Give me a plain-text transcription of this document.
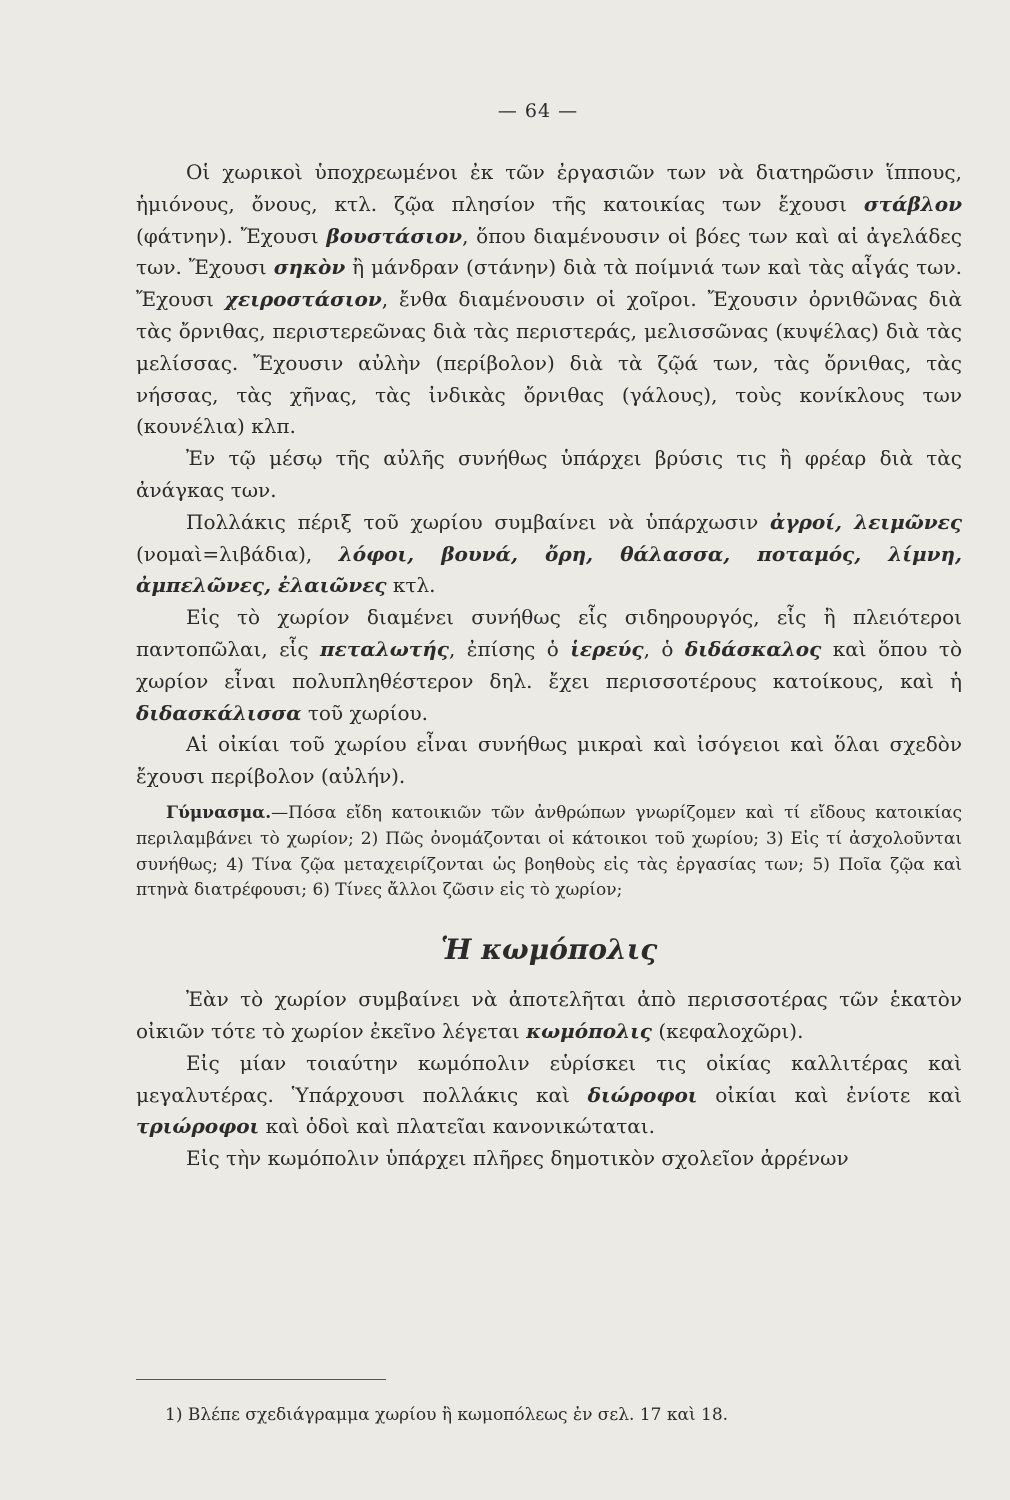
— 64 —

Οἱ χωρικοὶ ὑποχρεωμένοι ἐκ τῶν ἐργασιῶν των νὰ διατηρῶσιν ἵππους, ἡμιόνους, ὄνους, κτλ. ζῷα πλησίον τῆς κατοικίας των ἔχουσι στάβλον (φάτνην). Ἔχουσι βουστάσιον, ὅπου διαμένουσιν οἱ βόες των καὶ αἱ ἀγελάδες των. Ἔχουσι σηκὸν ἢ μάνδραν (στάνην) διὰ τὰ ποίμνιά των καὶ τὰς αἶγάς των. Ἔχουσι χειροστάσιον, ἔνθα διαμένουσιν οἱ χοῖροι. Ἔχουσιν ὀρνιθῶνας διὰ τὰς ὄρνιθας, περιστερεῶνας διὰ τὰς περιστεράς, μελισσῶνας (κυψέλας) διὰ τὰς μελίσσας. Ἔχουσιν αὐλὴν (περίβολον) διὰ τὰ ζῷά των, τὰς ὄρνιθας, τὰς νήσσας, τὰς χῆνας, τὰς ἰνδικὰς ὄρνιθας (γάλους), τοὺς κονίκλους των (κουνέλια) κλπ.

Ἐν τῷ μέσῳ τῆς αὐλῆς συνήθως ὑπάρχει βρύσις τις ἢ φρέαρ διὰ τὰς ἀνάγκας των.

Πολλάκις πέριξ τοῦ χωρίου συμβαίνει νὰ ὑπάρχωσιν ἀγροί, λειμῶνες (νομαὶ=λιβάδια), λόφοι, βουνά, ὄρη, θάλασσα, ποταμός, λίμνη, ἀμπελῶνες, ἐλαιῶνες κτλ.

Εἰς τὸ χωρίον διαμένει συνήθως εἷς σιδηρουργός, εἷς ἢ πλειότεροι παντοπῶλαι, εἷς πεταλωτής, ἐπίσης ὁ ἱερεύς, ὁ διδάσκαλος καὶ ὅπου τὸ χωρίον εἶναι πολυπληθέστερον δηλ. ἔχει περισσοτέρους κατοίκους, καὶ ἡ διδασκάλισσα τοῦ χωρίου.

Αἱ οἰκίαι τοῦ χωρίου εἶναι συνήθως μικραὶ καὶ ἰσόγειοι καὶ ὅλαι σχεδὸν ἔχουσι περίβολον (αὐλήν).

Γύμνασμα.—Πόσα εἴδη κατοικιῶν τῶν ἀνθρώπων γνωρίζομεν καὶ τί εἴδους κατοικίας περιλαμβάνει τὸ χωρίον; 2) Πῶς ὀνομάζονται οἱ κάτοικοι τοῦ χωρίου; 3) Εἰς τί ἀσχολοῦνται συνήθως; 4) Τίνα ζῷα μεταχειρίζονται ὡς βοηθοὺς εἰς τὰς ἐργασίας των; 5) Ποῖα ζῷα καὶ πτηνὰ διατρέφουσι; 6) Τίνες ἄλλοι ζῶσιν εἰς τὸ χωρίον;

Ἡ κωμόπολις

Ἐὰν τὸ χωρίον συμβαίνει νὰ ἀποτελῆται ἀπὸ περισσοτέρας τῶν ἑκατὸν οἰκιῶν τότε τὸ χωρίον ἐκεῖνο λέγεται κωμόπολις (κεφαλοχῶρι).

Εἰς μίαν τοιαύτην κωμόπολιν εὑρίσκει τις οἰκίας καλλιτέρας καὶ μεγαλυτέρας. Ὑπάρχουσι πολλάκις καὶ διώροφοι οἰκίαι καὶ ἐνίοτε καὶ τριώροφοι καὶ ὁδοὶ καὶ πλατεῖαι κανονικώταται.

Εἰς τὴν κωμόπολιν ὑπάρχει πλῆρες δημοτικὸν σχολεῖον ἀρρένων

1) Βλέπε σχεδιάγραμμα χωρίου ἢ κωμοπόλεως ἐν σελ. 17 καὶ 18.
